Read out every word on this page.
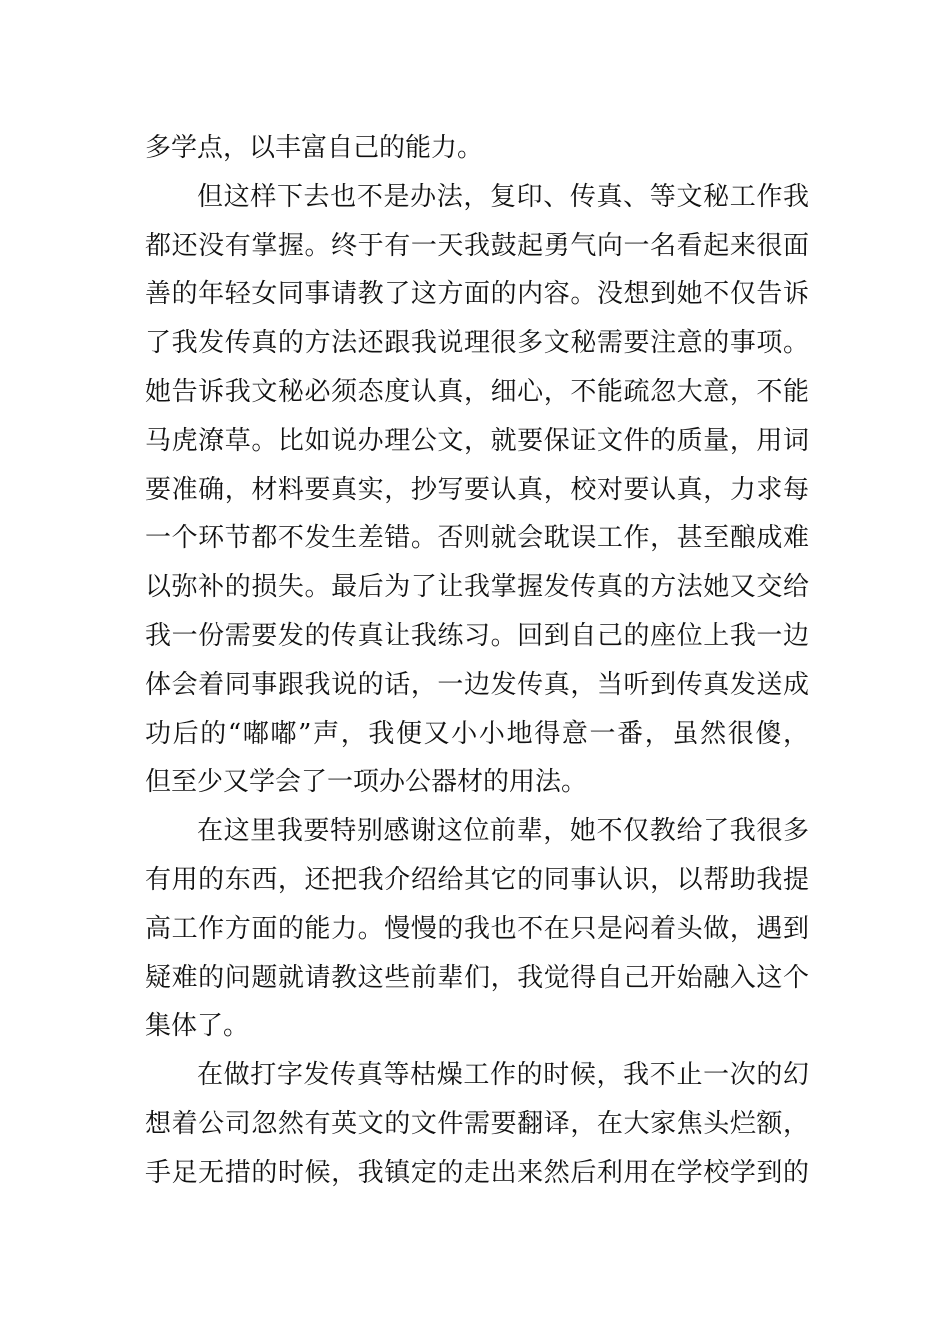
多学点，以丰富自己的能力。
但这样下去也不是办法，复印、传真、等文秘工作我
都还没有掌握。终于有一天我鼓起勇气向一名看起来很面
善的年轻女同事请教了这方面的内容。没想到她不仅告诉
了我发传真的方法还跟我说理很多文秘需要注意的事项。
她告诉我文秘必须态度认真，细心，不能疏忽大意，不能
马虎潦草。比如说办理公文，就要保证文件的质量，用词
要准确，材料要真实，抄写要认真，校对要认真，力求每
一个环节都不发生差错。否则就会耽误工作，甚至酿成难
以弥补的损失。最后为了让我掌握发传真的方法她又交给
我一份需要发的传真让我练习。回到自己的座位上我一边
体会着同事跟我说的话，一边发传真，当听到传真发送成
功后的“嘟嘟”声，我便又小小地得意一番，虽然很傻，
但至少又学会了一项办公器材的用法。
在这里我要特别感谢这位前辈，她不仅教给了我很多
有用的东西，还把我介绍给其它的同事认识，以帮助我提
高工作方面的能力。慢慢的我也不在只是闷着头做，遇到
疑难的问题就请教这些前辈们，我觉得自己开始融入这个
集体了。
在做打字发传真等枯燥工作的时候，我不止一次的幻
想着公司忽然有英文的文件需要翻译，在大家焦头烂额，
手足无措的时候，我镇定的走出来然后利用在学校学到的
